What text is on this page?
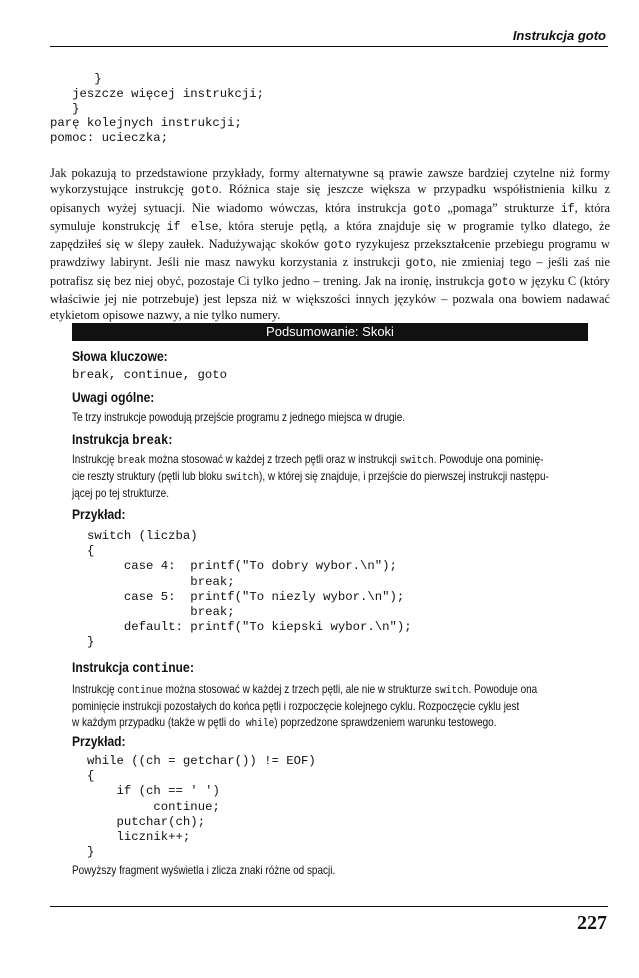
Instrukcja goto
}
jeszcze więcej instrukcji;
}
parę kolejnych instrukcji;
pomoc: ucieczka;
Jak pokazują to przedstawione przykłady, formy alternatywne są prawie zawsze bardziej czytelne niż formy wykorzystujące instrukcję goto. Różnica staje się jeszcze większa w przypadku współistnienia kilku z opisanych wyżej sytuacji. Nie wiadomo wówczas, która instrukcja goto „pomaga” strukturze if, która symuluje konstrukcję if else, która steruje pętlą, a która znajduje się w programie tylko dlatego, że zapędziłeś się w ślepy zaułek. Nadużywając skoków goto ryzykujesz przekształcenie przebiegu programu w prawdziwy labirynt. Jeśli nie masz nawyku korzystania z instrukcji goto, nie zmieniaj tego – jeśli zaś nie potrafisz się bez niej obyć, pozostaje Ci tylko jedno – trening. Jak na ironię, instrukcja goto w języku C (który właściwie jej nie potrzebuje) jest lepsza niż w większości innych języków – pozwala ona bowiem nadawać etykietom opisowe nazwy, a nie tylko numery.
Podsumowanie: Skoki
Słowa kluczowe:
break, continue, goto
Uwagi ogólne:
Te trzy instrukcje powodują przejście programu z jednego miejsca w drugie.
Instrukcja break:
Instrukcję break można stosować w każdej z trzech pętli oraz w instrukcji switch. Powoduje ona pominię-
cie reszty struktury (pętli lub bloku switch), w której się znajduje, i przejście do pierwszej instrukcji następu-
jącej po tej strukturze.
Przykład:
switch (liczba)
{
case 4:  printf("To dobry wybor.\n");
break;
case 5:  printf("To niezly wybor.\n");
break;
default: printf("To kiepski wybor.\n");
}
Instrukcja continue:
Instrukcję continue można stosować w każdej z trzech pętli, ale nie w strukturze switch. Powoduje ona
pominięcie instrukcji pozostałych do końca pętli i rozpoczęcie kolejnego cyklu. Rozpoczęcie cyklu jest
w każdym przypadku (także w pętli do while) poprzedzone sprawdzeniem warunku testowego.
Przykład:
while ((ch = getchar()) != EOF)
{
if (ch == ' ')
continue;
putchar(ch);
licznik++;
}
Powyższy fragment wyświetla i zlicza znaki różne od spacji.
227
